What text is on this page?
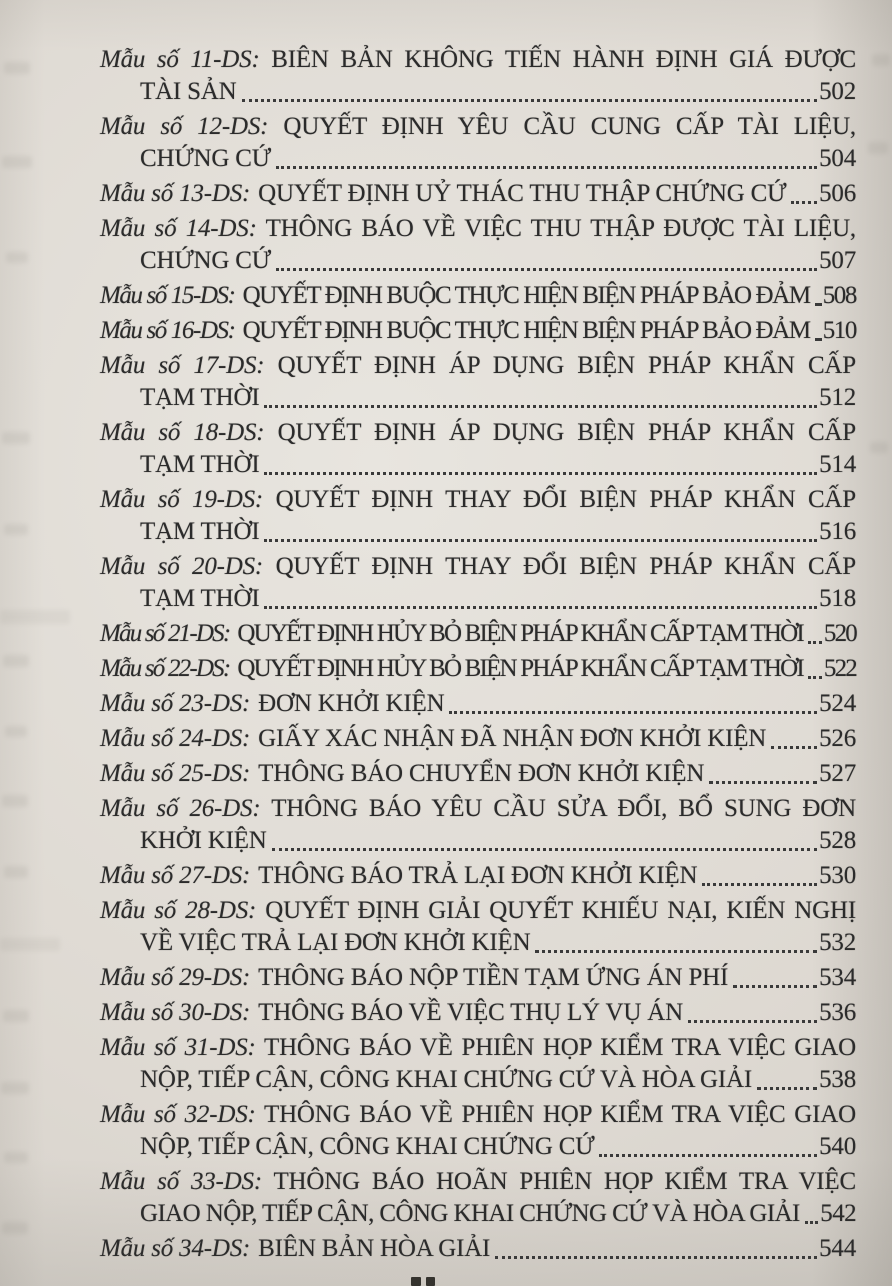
Mẫu số 11-DS: BIÊN BẢN KHÔNG TIẾN HÀNH ĐỊNH GIÁ ĐƯỢC
TÀI SẢN	502
Mẫu số 12-DS: QUYẾT ĐỊNH YÊU CẦU CUNG CẤP TÀI LIỆU,
CHỨNG CỨ	504
Mẫu số 13-DS: QUYẾT ĐỊNH UỶ THÁC THU THẬP CHỨNG CỨ 506
Mẫu số 14-DS: THÔNG BÁO VỀ VIỆC THU THẬP ĐƯỢC TÀI LIỆU,
CHỨNG CỨ	507
Mẫu số 15-DS: QUYẾT ĐỊNH BUỘC THỰC HIỆN BIỆN PHÁP BẢO ĐẢM 508
Mẫu số 16-DS: QUYẾT ĐỊNH BUỘC THỰC HIỆN BIỆN PHÁP BẢO ĐẢM 510
Mẫu số 17-DS: QUYẾT ĐỊNH ÁP DỤNG BIỆN PHÁP KHẨN CẤP
TẠM THỜI	512
Mẫu số 18-DS: QUYẾT ĐỊNH ÁP DỤNG BIỆN PHÁP KHẨN CẤP
TẠM THỜI	514
Mẫu số 19-DS: QUYẾT ĐỊNH THAY ĐỔI BIỆN PHÁP KHẨN CẤP
TẠM THỜI	516
Mẫu số 20-DS: QUYẾT ĐỊNH THAY ĐỔI BIỆN PHÁP KHẨN CẤP
TẠM THỜI	518
Mẫu số 21-DS: QUYẾT ĐỊNH HỦY BỎ BIỆN PHÁP KHẨN CẤP TẠM THỜI 520
Mẫu số 22-DS: QUYẾT ĐỊNH HỦY BỎ BIỆN PHÁP KHẨN CẤP TẠM THỜI 522
Mẫu số 23-DS: ĐƠN KHỞI KIỆN	524
Mẫu số 24-DS: GIẤY XÁC NHẬN ĐÃ NHẬN ĐƠN KHỞI KIỆN 526
Mẫu số 25-DS: THÔNG BÁO CHUYỂN ĐƠN KHỞI KIỆN	527
Mẫu số 26-DS: THÔNG BÁO YÊU CẦU SỬA ĐỔI, BỔ SUNG ĐƠN
KHỞI KIỆN	528
Mẫu số 27-DS: THÔNG BÁO TRẢ LẠI ĐƠN KHỞI KIỆN	530
Mẫu số 28-DS: QUYẾT ĐỊNH GIẢI QUYẾT KHIẾU NẠI, KIẾN NGHỊ
VỀ VIỆC TRẢ LẠI ĐƠN KHỞI KIỆN	532
Mẫu số 29-DS: THÔNG BÁO NỘP TIỀN TẠM ỨNG ÁN PHÍ	534
Mẫu số 30-DS: THÔNG BÁO VỀ VIỆC THỤ LÝ VỤ ÁN	536
Mẫu số 31-DS: THÔNG BÁO VỀ PHIÊN HỌP KIỂM TRA VIỆC GIAO
NỘP, TIẾP CẬN, CÔNG KHAI CHỨNG CỨ VÀ HÒA GIẢI	538
Mẫu số 32-DS: THÔNG BÁO VỀ PHIÊN HỌP KIỂM TRA VIỆC GIAO
NỘP, TIẾP CẬN, CÔNG KHAI CHỨNG CỨ	540
Mẫu số 33-DS: THÔNG BÁO HOÃN PHIÊN HỌP KIỂM TRA VIỆC
GIAO NỘP, TIẾP CẬN, CÔNG KHAI CHỨNG CỨ VÀ HÒA GIẢI 542
Mẫu số 34-DS: BIÊN BẢN HÒA GIẢI	544
